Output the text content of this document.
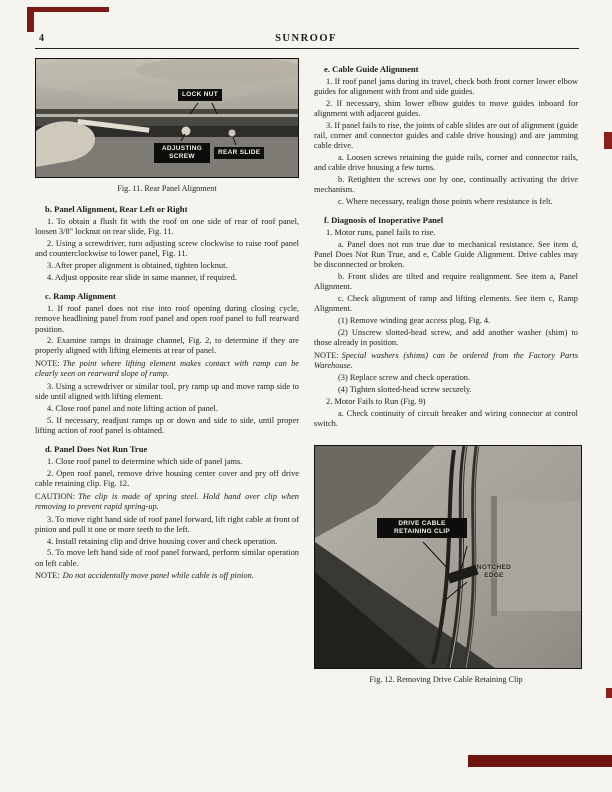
4	SUNROOF
LOCK NUT
ADJUSTING SCREW
REAR SLIDE
Fig. 11. Rear Panel Alignment
b. Panel Alignment, Rear Left or Right

1. To obtain a flush fit with the roof on one side of rear of roof panel, loosen 3/8" locknut on rear slide, Fig. 11.

2. Using a screwdriver, turn adjusting screw clockwise to raise roof panel and counterclockwise to lower panel, Fig. 11.

3. After proper alignment is obtained, tighten locknut.

4. Adjust opposite rear slide in same manner, if required.

c. Ramp Alignment

1. If roof panel does not rise into roof opening during closing cycle, remove headlining panel from roof panel and open roof panel to full rearward position.

2. Examine ramps in drainage channel, Fig. 2, to determine if they are properly aligned with lifting elements at rear of panel.

NOTE: The point where lifting element makes contact with ramp can be clearly seen on rearward slope of ramp.

3. Using a screwdriver or similar tool, pry ramp up and move ramp side to side until aligned with lifting element.

4. Close roof panel and note lifting action of panel.

5. If necessary, readjust ramps up or down and side to side, until proper lifting action of roof panel is obtained.

d. Panel Does Not Run True

1. Close roof panel to determine which side of panel jams.

2. Open roof panel, remove drive housing center cover and pry off drive cable retaining clip. Fig. 12.

CAUTION: The clip is made of spring steel. Hold hand over clip when removing to prevent rapid spring-up.

3. To move right hand side of roof panel forward, lift right cable at front of pinion and pull it one or more teeth to the left.

4. Install retaining clip and drive housing cover and check operation.

5. To move left hand side of roof panel forward, perform similar operation on left cable.

NOTE: Do not accidentally move panel while cable is off pinion.

e. Cable Guide Alignment

1. If roof panel jams during its travel, check both front corner lower elbow guides for alignment with front and side guides.

2. If necessary, shim lower elbow guides to move guides inboard for alignment with adjacent guides.

3. If panel fails to rise, the joints of cable slides are out of alignment (guide rail, corner and connector guides and cable drive housing) and are jamming cable drive.

a. Loosen screws retaining the guide rails, corner and connector rails, and cable drive housing a few turns.

b. Retighten the screws one by one, continually activating the drive mechanism.

c. Where necessary, realign those points where resistance is felt.

f. Diagnosis of Inoperative Panel

1. Motor runs, panel fails to rise.

a. Panel does not run true due to mechanical resistance. See item d, Panel Does Not Run True, and e, Cable Guide Alignment. Drive cables may be disconnected or broken.

b. Front slides are tilted and require realignment. See item a, Panel Alignment.

c. Check alignment of ramp and lifting elements. See item c, Ramp Alignment.

(1) Remove winding gear access plug, Fig. 4.

(2) Unscrew slotted-head screw, and add another washer (shim) to those already in position.

NOTE: Special washers (shims) can be ordered from the Factory Parts Warehouse.

(3) Replace screw and check operation.

(4) Tighten slotted-head screw securely.

2. Motor Fails to Run (Fig. 9)

a. Check continuity of circuit breaker and wiring connector at control switch.

DRIVE CABLE RETAINING CLIP
NOTCHED EDGE
Fig. 12. Removing Drive Cable Retaining Clip
